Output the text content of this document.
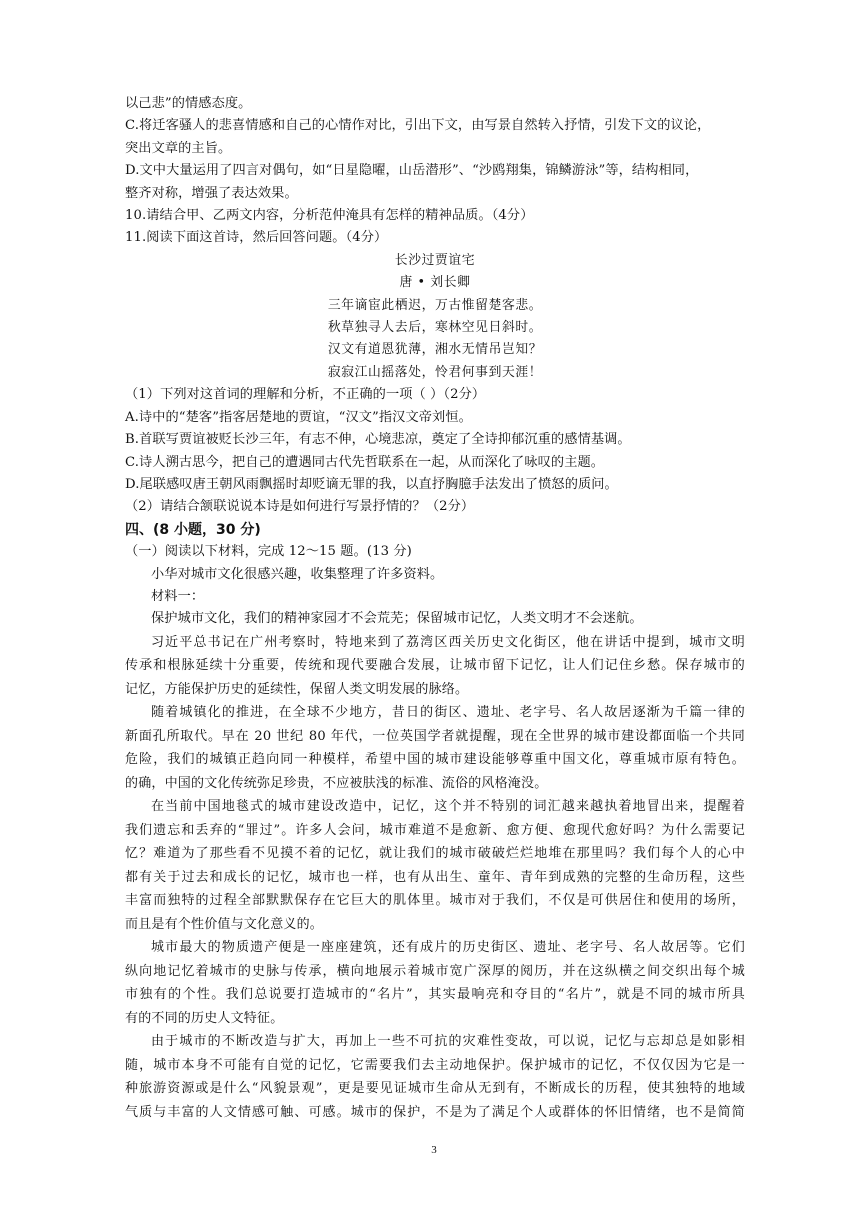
以己悲”的情感态度。

C.将迁客骚人的悲喜情感和自己的心情作对比，引出下文，由写景自然转入抒情，引发下文的议论，

突出文章的主旨。

D.文中大量运用了四言对偶句，如“日星隐曜，山岳潜形”、“沙鸥翔集，锦鳞游泳”等，结构相同，

整齐对称，增强了表达效果。

10.请结合甲、乙两文内容，分析范仲淹具有怎样的精神品质。（4分）

11.阅读下面这首诗，然后回答问题。（4分）

长沙过贾谊宅

唐 • 刘长卿

三年谪宦此栖迟，万古惟留楚客悲。

秋草独寻人去后，寒林空见日斜时。

汉文有道恩犹薄，湘水无情吊岂知？

寂寂江山摇落处，怜君何事到天涯！

（1）下列对这首词的理解和分析，不正确的一项（ ）（2分）

A.诗中的“楚客”指客居楚地的贾谊，“汉文”指汉文帝刘恒。

B.首联写贾谊被贬长沙三年，有志不伸，心境悲凉，奠定了全诗抑郁沉重的感情基调。

C.诗人溯古思今，把自己的遭遇同古代先哲联系在一起，从而深化了咏叹的主题。

D.尾联感叹唐王朝风雨飘摇时却贬谪无罪的我，以直抒胸臆手法发出了愤怒的质问。

（2）请结合颔联说说本诗是如何进行写景抒情的？（2分）

四、(8 小题，30 分)

（一）阅读以下材料，完成 12～15 题。(13 分)

小华对城市文化很感兴趣，收集整理了许多资料。

材料一：

保护城市文化，我们的精神家园才不会荒芜；保留城市记忆，人类文明才不会迷航。

习近平总书记在广州考察时，特地来到了荔湾区西关历史文化街区，他在讲话中提到，城市文明

传承和根脉延续十分重要，传统和现代要融合发展，让城市留下记忆，让人们记住乡愁。保存城市的

记忆，方能保护历史的延续性，保留人类文明发展的脉络。

随着城镇化的推进，在全球不少地方，昔日的街区、遗址、老字号、名人故居逐渐为千篇一律的

新面孔所取代。早在 20 世纪 80 年代，一位英国学者就提醒，现在全世界的城市建设都面临一个共同

危险，我们的城镇正趋向同一种模样，希望中国的城市建设能够尊重中国文化，尊重城市原有特色。

的确，中国的文化传统弥足珍贵，不应被肤浅的标准、流俗的风格淹没。

在当前中国地毯式的城市建设改造中，记忆，这个并不特别的词汇越来越执着地冒出来，提醒着

我们遗忘和丢弃的“罪过”。许多人会问，城市难道不是愈新、愈方便、愈现代愈好吗？为什么需要记

忆？难道为了那些看不见摸不着的记忆，就让我们的城市破破烂烂地堆在那里吗？我们每个人的心中

都有关于过去和成长的记忆，城市也一样，也有从出生、童年、青年到成熟的完整的生命历程，这些

丰富而独特的过程全部默默保存在它巨大的肌体里。城市对于我们，不仅是可供居住和使用的场所，

而且是有个性价值与文化意义的。

城市最大的物质遗产便是一座座建筑，还有成片的历史街区、遗址、老字号、名人故居等。它们

纵向地记忆着城市的史脉与传承，横向地展示着城市宽广深厚的阅历，并在这纵横之间交织出每个城

市独有的个性。我们总说要打造城市的“名片”，其实最响亮和夺目的“名片”，就是不同的城市所具

有的不同的历史人文特征。

由于城市的不断改造与扩大，再加上一些不可抗的灾难性变故，可以说，记忆与忘却总是如影相

随，城市本身不可能有自觉的记忆，它需要我们去主动地保护。保护城市的记忆，不仅仅因为它是一

种旅游资源或是什么“风貌景观”，更是要见证城市生命从无到有，不断成长的历程，使其独特的地域

气质与丰富的人文情感可触、可感。城市的保护，不是为了满足个人或群体的怀旧情绪，也不是简简

3
